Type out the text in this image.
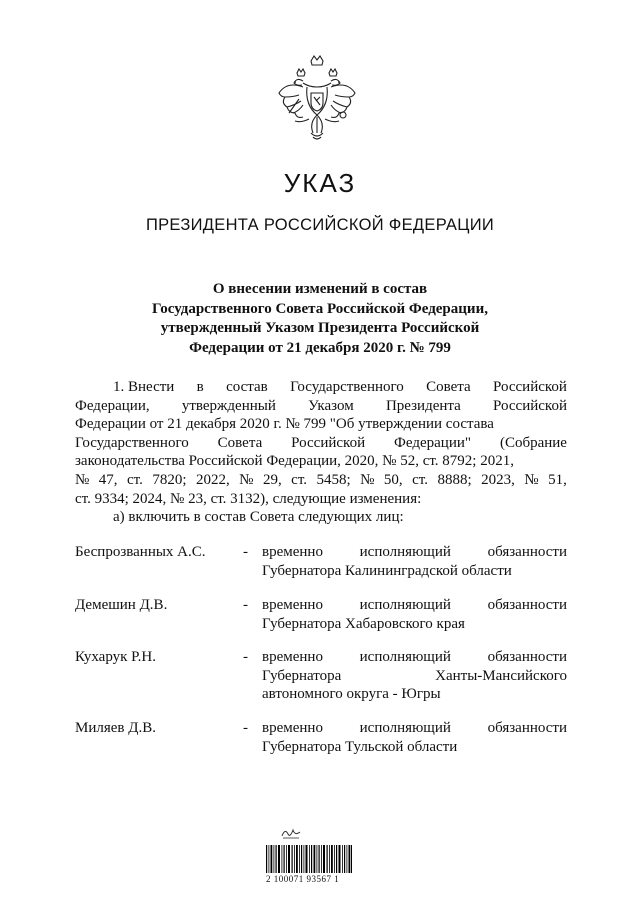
УКАЗ
ПРЕЗИДЕНТА РОССИЙСКОЙ ФЕДЕРАЦИИ
О внесении изменений в состав
Государственного Совета Российской Федерации,
утвержденный Указом Президента Российской
Федерации от 21 декабря 2020 г. № 799
1. Внести в состав Государственного Совета Российской
Федерации, утвержденный Указом Президента Российской
Федерации от 21 декабря 2020 г. № 799 "Об утверждении состава
Государственного Совета Российской Федерации" (Собрание
законодательства Российской Федерации, 2020, № 52, ст. 8792; 2021,
№ 47, ст. 7820; 2022, № 29, ст. 5458; № 50, ст. 8888; 2023, № 51,
ст. 9334; 2024, № 23, ст. 3132), следующие изменения:
а) включить в состав Совета следующих лиц:
Беспрозванных А.С. - временно исполняющий обязанности
Губернатора Калининградской области
Демешин Д.В.	- временно исполняющий обязанности
Губернатора Хабаровского края
Кухарук Р.Н.	- временно исполняющий обязанности
Губернатора	Ханты-Мансийского
автономного округа - Югры
Миляев Д.В.	- временно исполняющий обязанности
Губернатора Тульской области
2 100071 93567 1
